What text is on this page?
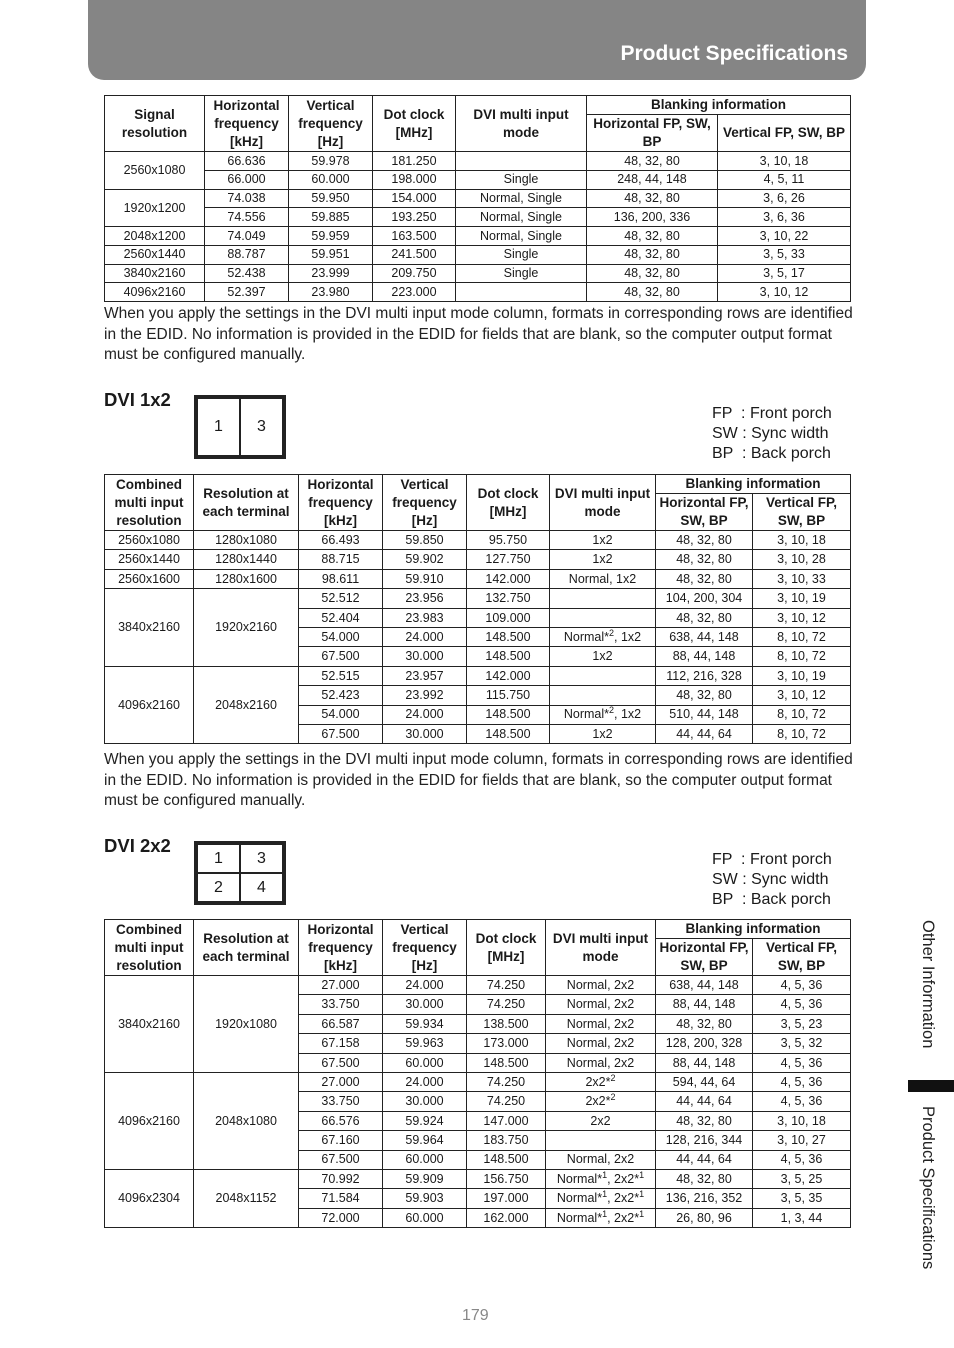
Product Specifications
Signal resolution	Horizontal frequency [kHz]	Vertical frequency [Hz]	Dot clock [MHz]	DVI multi input mode	Blanking information	
					Horizontal FP, SW, BP	Vertical FP, SW, BP
2560x1080	66.636	59.978	181.250		48, 32, 80	3, 10, 18
	66.000	60.000	198.000	Single	248, 44, 148	4, 5, 11
1920x1200	74.038	59.950	154.000	Normal, Single	48, 32, 80	3, 6, 26
	74.556	59.885	193.250	Normal, Single	136, 200, 336	3, 6, 36
2048x1200	74.049	59.959	163.500	Normal, Single	48, 32, 80	3, 10, 22
2560x1440	88.787	59.951	241.500	Single	48, 32, 80	3, 5, 33
3840x2160	52.438	23.999	209.750	Single	48, 32, 80	3, 5, 17
4096x2160	52.397	23.980	223.000		48, 32, 80	3, 10, 12

When you apply the settings in the DVI multi input mode column, formats in corresponding rows are identified in the EDID. No information is provided in the EDID for fields that are blank, so the computer output format must be configured manually.

DVI 1x2
1	3
FP  : Front porch
SW : Sync width
BP  : Back porch
Combined multi input resolution	Resolution at each terminal	Horizontal frequency [kHz]	Vertical frequency [Hz]	Dot clock [MHz]	DVI multi input mode	Blanking information	
						Horizontal FP, SW, BP	Vertical FP, SW, BP
2560x1080	1280x1080	66.493	59.850	95.750	1x2	48, 32, 80	3, 10, 18
2560x1440	1280x1440	88.715	59.902	127.750	1x2	48, 32, 80	3, 10, 28
2560x1600	1280x1600	98.611	59.910	142.000	Normal, 1x2	48, 32, 80	3, 10, 33
3840x2160	1920x2160	52.512	23.956	132.750		104, 200, 304	3, 10, 19
		52.404	23.983	109.000		48, 32, 80	3, 10, 12
		54.000	24.000	148.500	Normal*$^2$, 1x2	638, 44, 148	8, 10, 72
		67.500	30.000	148.500	1x2	88, 44, 148	8, 10, 72
4096x2160	2048x2160	52.515	23.957	142.000		112, 216, 328	3, 10, 19
		52.423	23.992	115.750		48, 32, 80	3, 10, 12
		54.000	24.000	148.500	Normal*$^2$, 1x2	510, 44, 148	8, 10, 72
		67.500	30.000	148.500	1x2	44, 44, 64	8, 10, 72

When you apply the settings in the DVI multi input mode column, formats in corresponding rows are identified in the EDID. No information is provided in the EDID for fields that are blank, so the computer output format must be configured manually.

DVI 2x2
1	3
2	4
FP  : Front porch
SW : Sync width
BP  : Back porch
Combined multi input resolution	Resolution at each terminal	Horizontal frequency [kHz]	Vertical frequency [Hz]	Dot clock [MHz]	DVI multi input mode	Blanking information	
						Horizontal FP, SW, BP	Vertical FP, SW, BP
3840x2160	1920x1080	27.000	24.000	74.250	Normal, 2x2	638, 44, 148	4, 5, 36
		33.750	30.000	74.250	Normal, 2x2	88, 44, 148	4, 5, 36
		66.587	59.934	138.500	Normal, 2x2	48, 32, 80	3, 5, 23
		67.158	59.963	173.000	Normal, 2x2	128, 200, 328	3, 5, 32
		67.500	60.000	148.500	Normal, 2x2	88, 44, 148	4, 5, 36
4096x2160	2048x1080	27.000	24.000	74.250	2x2*$^2$	594, 44, 64	4, 5, 36
		33.750	30.000	74.250	2x2*$^2$	44, 44, 64	4, 5, 36
		66.576	59.924	147.000	2x2	48, 32, 80	3, 10, 18
		67.160	59.964	183.750		128, 216, 344	3, 10, 27
		67.500	60.000	148.500	Normal, 2x2	44, 44, 64	4, 5, 36
4096x2304	2048x1152	70.992	59.909	156.750	Normal*$^1$, 2x2*$^1$	48, 32, 80	3, 5, 25
		71.584	59.903	197.000	Normal*$^1$, 2x2*$^1$	136, 216, 352	3, 5, 35
		72.000	60.000	162.000	Normal*$^1$, 2x2*$^1$	26, 80, 96	1, 3, 44
Other Information
Product Specifications
179
